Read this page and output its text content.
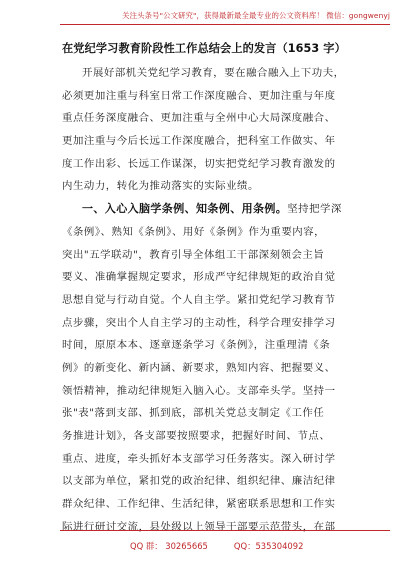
关注头条号"公文研究"，获得最新最全最专业的公文资料库！ 微信：gongwenyj
在党纪学习教育阶段性工作总结会上的发言（1653 字）
开展好部机关党纪学习教育，要在融合融入上下功夫，
必须更加注重与科室日常工作深度融合、更加注重与年度
重点任务深度融合、更加注重与全州中心大局深度融合、
更加注重与今后长远工作深度融合，把科室工作做实、年
度工作出彩、长远工作谋深，切实把党纪学习教育激发的
内生动力，转化为推动落实的实际业绩。
一、入心入脑学条例、知条例、用条例。坚持把学深
《条例》、熟知《条例》、用好《条例》作为重要内容，
突出"五学联动"，教育引导全体组工干部深刻领会主旨
要义、准确掌握规定要求，形成严守纪律规矩的政治自觉
思想自觉与行动自觉。个人自主学。紧扣党纪学习教育节
点步骤，突出个人自主学习的主动性，科学合理安排学习
时间，原原本本、逐章逐条学习《条例》，注重理清《条
例》的新变化、新内涵、新要求，熟知内容、把握要义、
领悟精神，推动纪律规矩入脑入心。支部牵头学。坚持一
张"表"落到支部、抓到底，部机关党总支制定《工作任
务推进计划》，各支部要按照要求，把握好时间、节点、
重点、进度，牵头抓好本支部学习任务落实。深入研讨学
以支部为单位，紧扣党的政治纪律、组织纪律、廉洁纪律
群众纪律、工作纪律、生活纪律，紧密联系思想和工作实
际进行研讨交流，县处级以上领导干部要示范带头，在部
QQ 群： 30265665	QQ：535304092
